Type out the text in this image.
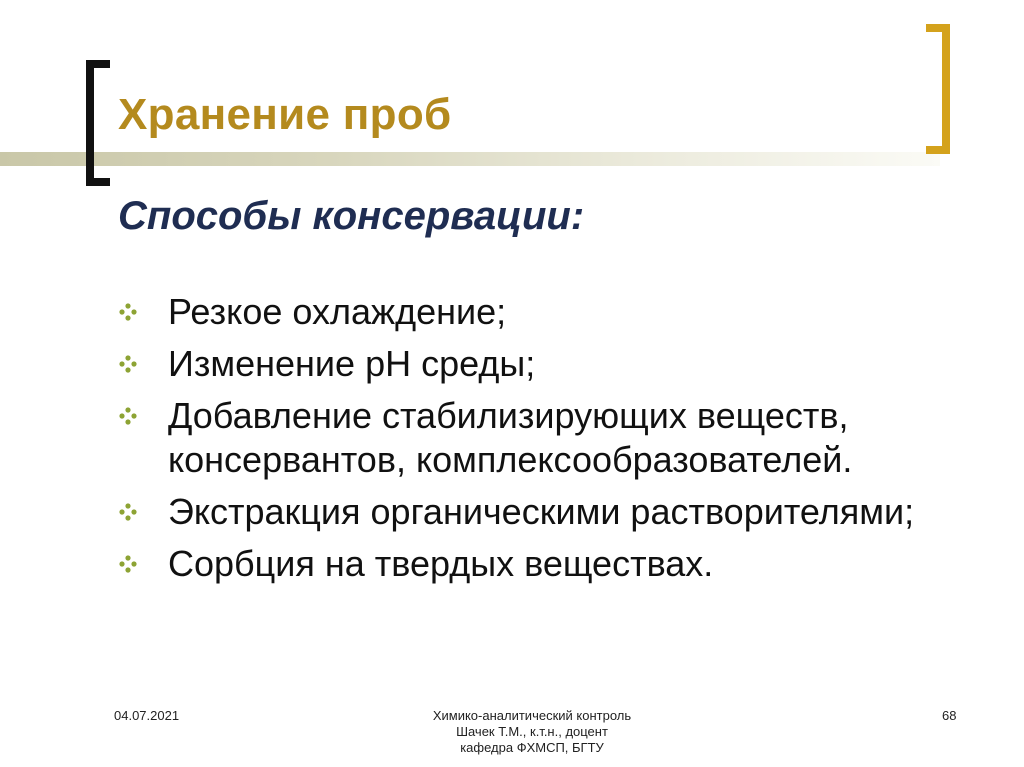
Хранение проб
Способы консервации:
Резкое охлаждение;
Изменение pH среды;
Добавление стабилизирующих веществ, консервантов, комплексообразователей.
Экстракция органическими растворителями;
Сорбция на твердых веществах.
04.07.2021	Химико-аналитический контроль
Шачек Т.М., к.т.н., доцент
кафедра ФХМСП, БГТУ
68
